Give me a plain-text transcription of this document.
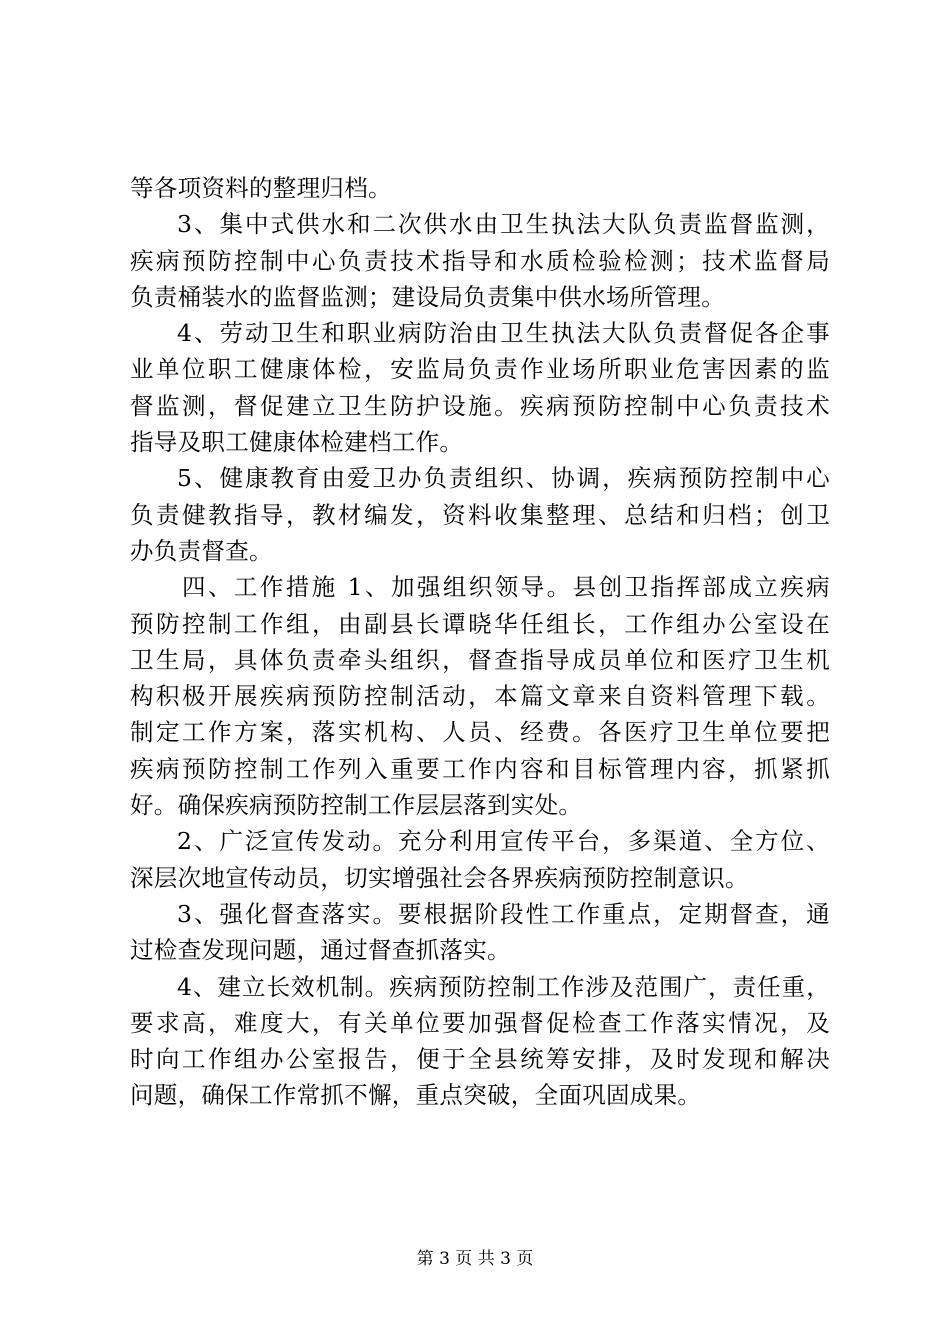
等各项资料的整理归档。
3、集中式供水和二次供水由卫生执法大队负责监督监测，
疾病预防控制中心负责技术指导和水质检验检测；技术监督局
负责桶装水的监督监测；建设局负责集中供水场所管理。
4、劳动卫生和职业病防治由卫生执法大队负责督促各企事
业单位职工健康体检，安监局负责作业场所职业危害因素的监
督监测，督促建立卫生防护设施。疾病预防控制中心负责技术
指导及职工健康体检建档工作。
5、健康教育由爱卫办负责组织、协调，疾病预防控制中心
负责健教指导，教材编发，资料收集整理、总结和归档；创卫
办负责督查。
四、工作措施 1、加强组织领导。县创卫指挥部成立疾病
预防控制工作组，由副县长谭晓华任组长，工作组办公室设在
卫生局，具体负责牵头组织，督查指导成员单位和医疗卫生机
构积极开展疾病预防控制活动，本篇文章来自资料管理下载。
制定工作方案，落实机构、人员、经费。各医疗卫生单位要把
疾病预防控制工作列入重要工作内容和目标管理内容，抓紧抓
好。确保疾病预防控制工作层层落到实处。
2、广泛宣传发动。充分利用宣传平台，多渠道、全方位、
深层次地宣传动员，切实增强社会各界疾病预防控制意识。
3、强化督查落实。要根据阶段性工作重点，定期督查，通
过检查发现问题，通过督查抓落实。
4、建立长效机制。疾病预防控制工作涉及范围广，责任重，
要求高，难度大，有关单位要加强督促检查工作落实情况，及
时向工作组办公室报告，便于全县统筹安排，及时发现和解决
问题，确保工作常抓不懈，重点突破，全面巩固成果。
第 3 页 共 3 页
